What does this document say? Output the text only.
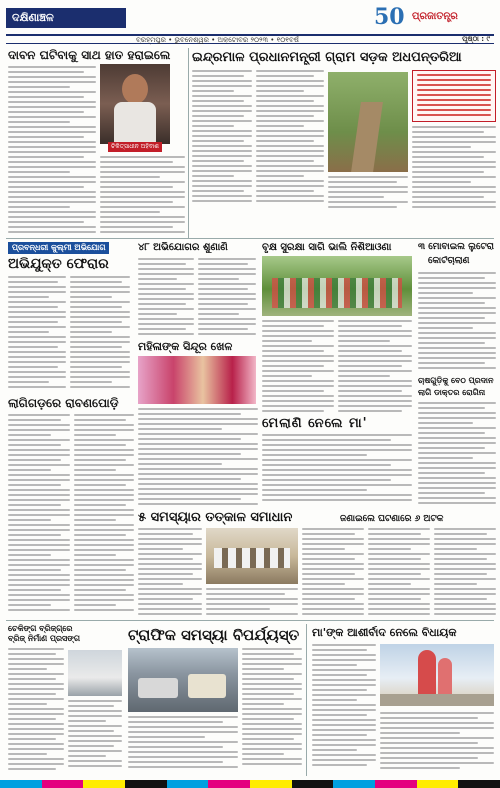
ଦକ୍ଷିଣାଞ୍ଚଳ	50 ପ୍ରଜାତନ୍ତ୍ର
ବ୍ରହ୍ମପୁର • ଭୁବନେଶ୍ୱର • ଅକ୍ଟୋବର ୨୦୨୩ • ୧୦୧ବର୍ଷ	ପୃଷ୍ଠା : ୯
ଦାବନ ଘଟିବାକୁ ସାଥ ହାତ ହରାଇଲେ
ଚିକିତ୍ସାଧୀନ ଅହିବାଶ
ଇନ୍ଦ୍ରମାଳ ପ୍ରଧାନମନ୍ତ୍ରୀ ଗ୍ରାମ ସଡ଼କ ଅଧପନ୍ତରିଆ
ପ୍ରବନ୍ଧରୀ କୁଲ୍ମୀ ଅଭିଯୋଗ
ଅଭିଯୁକ୍ତ ଫେରାର
୪୮ ଅଭିଯୋଗର ଶୁଣାଣି
ମହିଳାଙ୍କ ସିନ୍ଦୂର ଖେଳ
ବୃକ୍ଷ ସୁରକ୍ଷା ସାଗି ଭାଲି ନିଶିଆଓଣା	୩ ମୋବାଇଲ ଲୁଟେରା
କୋର୍ଟଚାଲାଣ
ଲାଗିଗଡ଼ରେ ରାବଣପୋଡ଼ି
ମେଲାଣି ନେଲେ ମା'
ଚାଷଗୁଡ଼ିକୁ ବେଠ ପ୍ରଦାନ
ଲାଗି ଡାକ୍ତର ରୋଗିନା
୫ ସମସ୍ୟାର ତତ୍କାଳ ସମାଧାନ	ଜଣାଇଲେ ଘଟଣାରେ ୬ ଅଟକ
ଚେକିଙ୍ଗ ବ୍ରିଜ୍‌ଗ୍ରେ
ବ୍ରିଜ୍ ନିର୍ମାଣ ପ୍ରସଙ୍ଗ	ଟ୍ରାଫିକ ସମସ୍ୟା ବିପର୍ଯ୍ୟସ୍ତ	ମା'ଙ୍କ ଆଶୀର୍ବାଦ ନେଲେ ବିଧାୟକ
